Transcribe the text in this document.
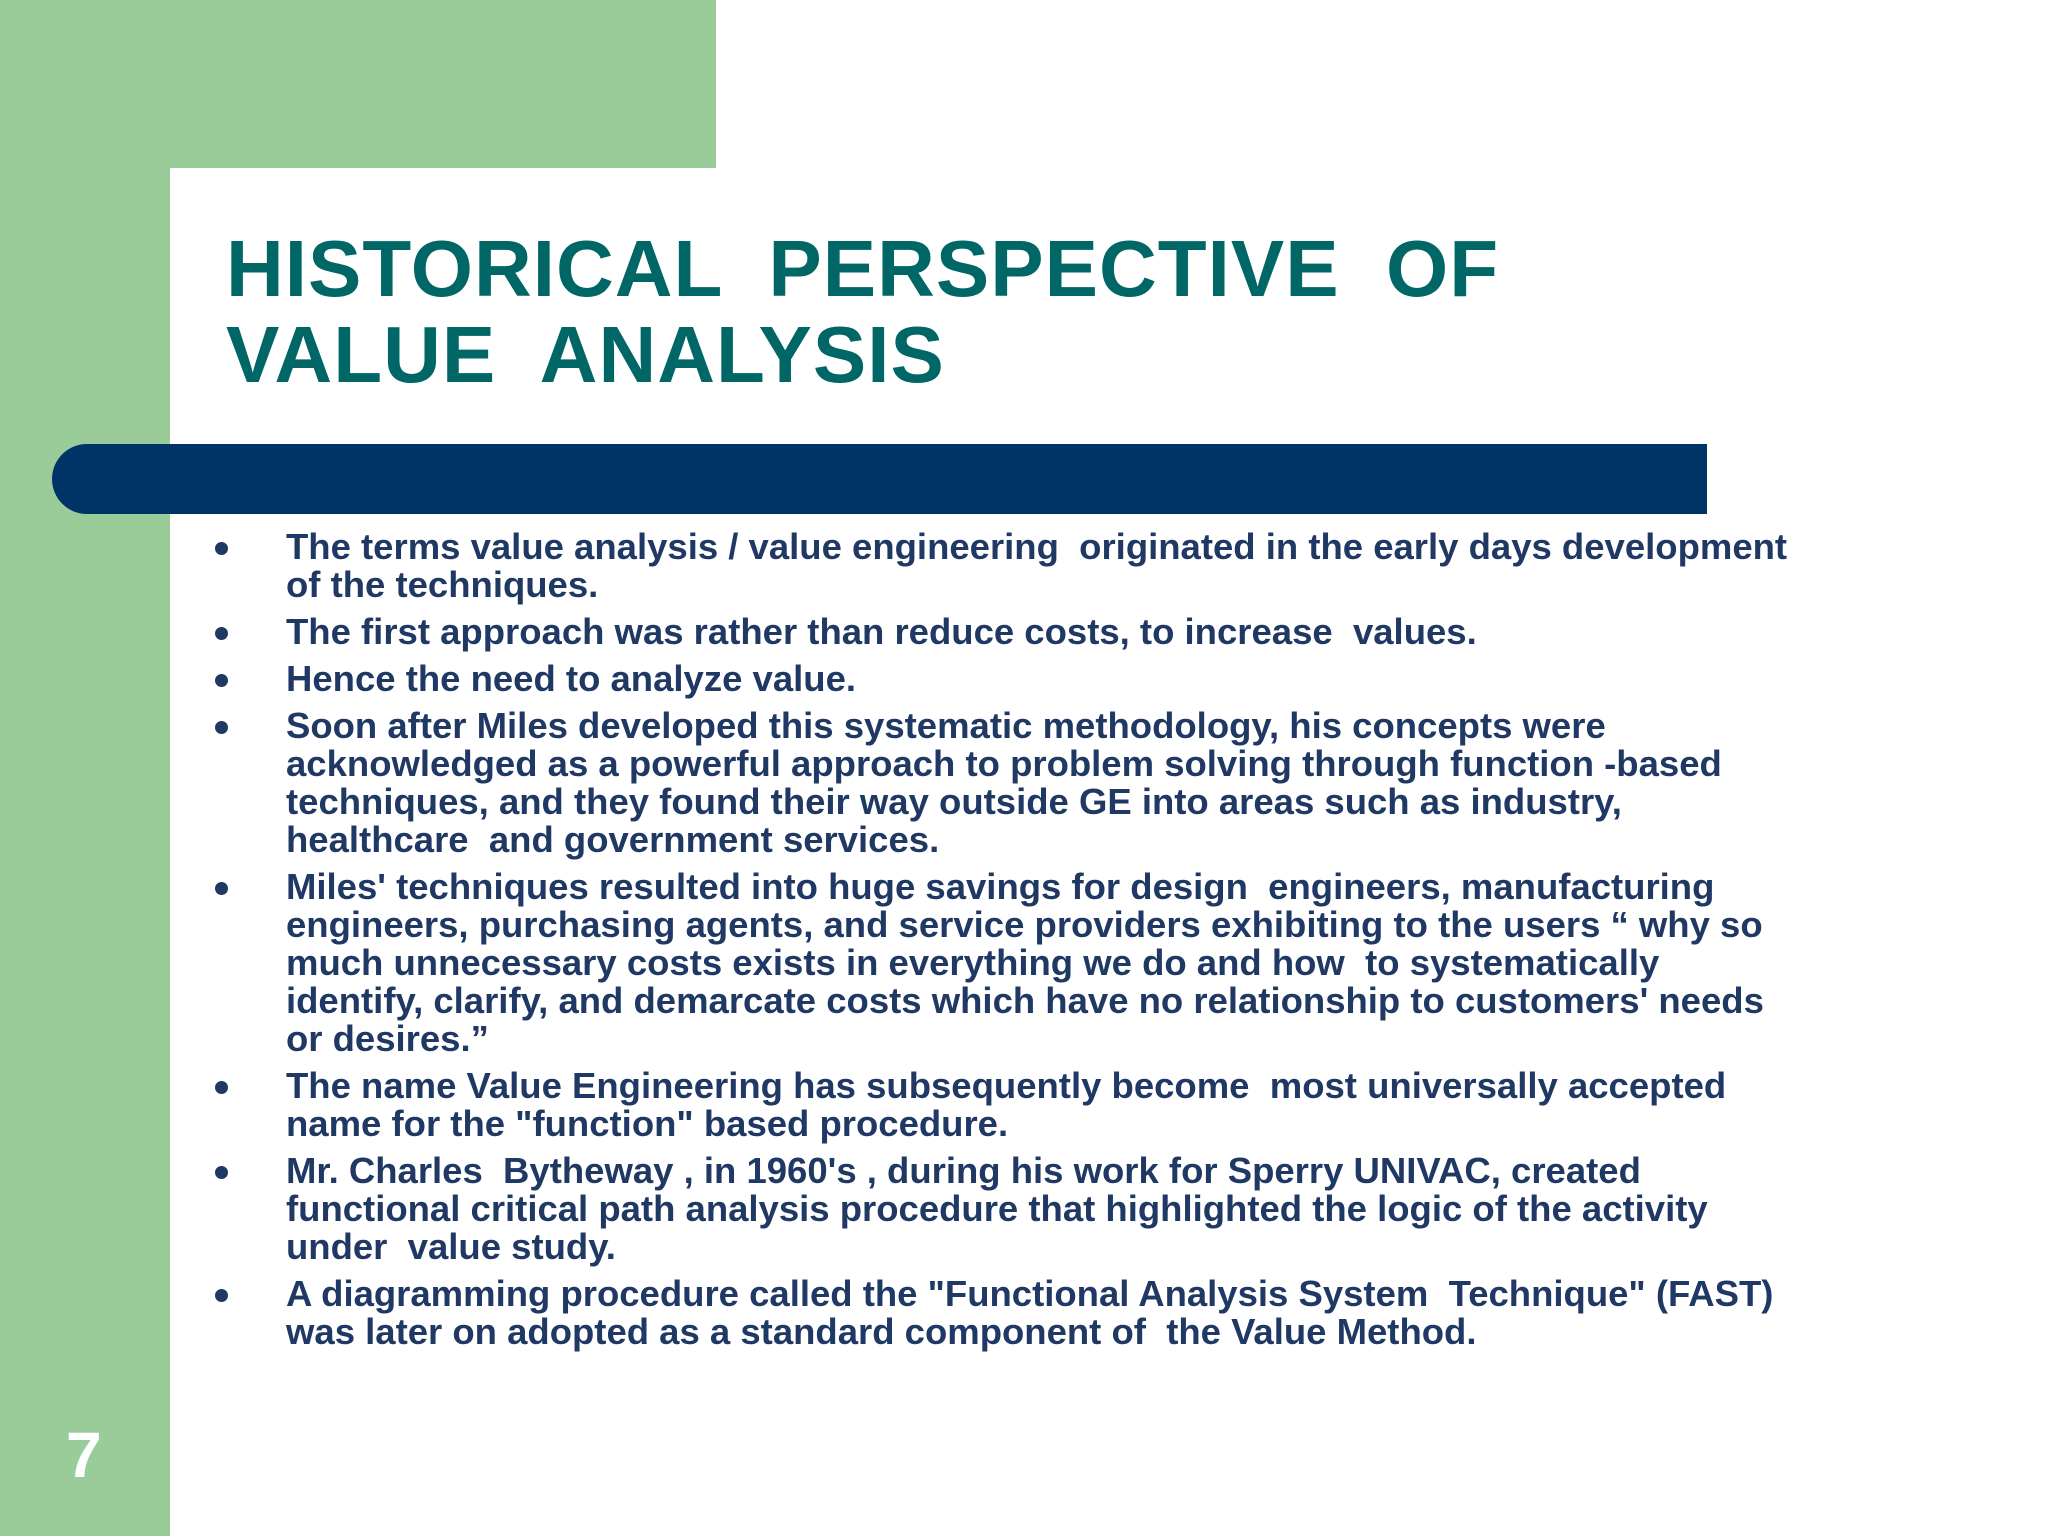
HISTORICAL  PERSPECTIVE  OF
VALUE  ANALYSIS
The terms value analysis / value engineering  originated in the early days development
of the techniques.
The first approach was rather than reduce costs, to increase  values.
Hence the need to analyze value.
Soon after Miles developed this systematic methodology, his concepts were
acknowledged as a powerful approach to problem solving through function -based
techniques, and they found their way outside GE into areas such as industry,
healthcare  and government services.
Miles' techniques resulted into huge savings for design  engineers, manufacturing
engineers, purchasing agents, and service providers exhibiting to the users “ why so
much unnecessary costs exists in everything we do and how  to systematically
identify, clarify, and demarcate costs which have no relationship to customers' needs
or desires.”
The name Value Engineering has subsequently become  most universally accepted
name for the "function" based procedure.
Mr. Charles  Bytheway , in 1960's , during his work for Sperry UNIVAC, created
functional critical path analysis procedure that highlighted the logic of the activity
under  value study.
A diagramming procedure called the "Functional Analysis System  Technique" (FAST)
was later on adopted as a standard component of  the Value Method.
7
